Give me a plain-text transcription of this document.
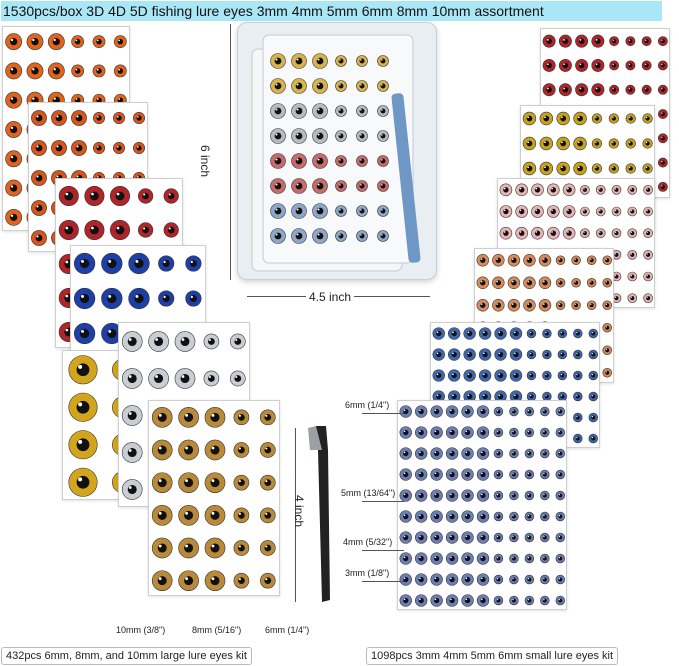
1530pcs/box 3D 4D 5D fishing lure eyes 3mm 4mm 5mm 6mm 8mm 10mm assortment
6 inch
4.5 inch
4 inch
10mm (3/8")	8mm (5/16")	6mm (1/4")
6mm (1/4")
5mm (13/64")
4mm (5/32")
3mm (1/8")
432pcs 6mm, 8mm, and 10mm large lure eyes kit	1098pcs 3mm 4mm 5mm 6mm small lure eyes kit
